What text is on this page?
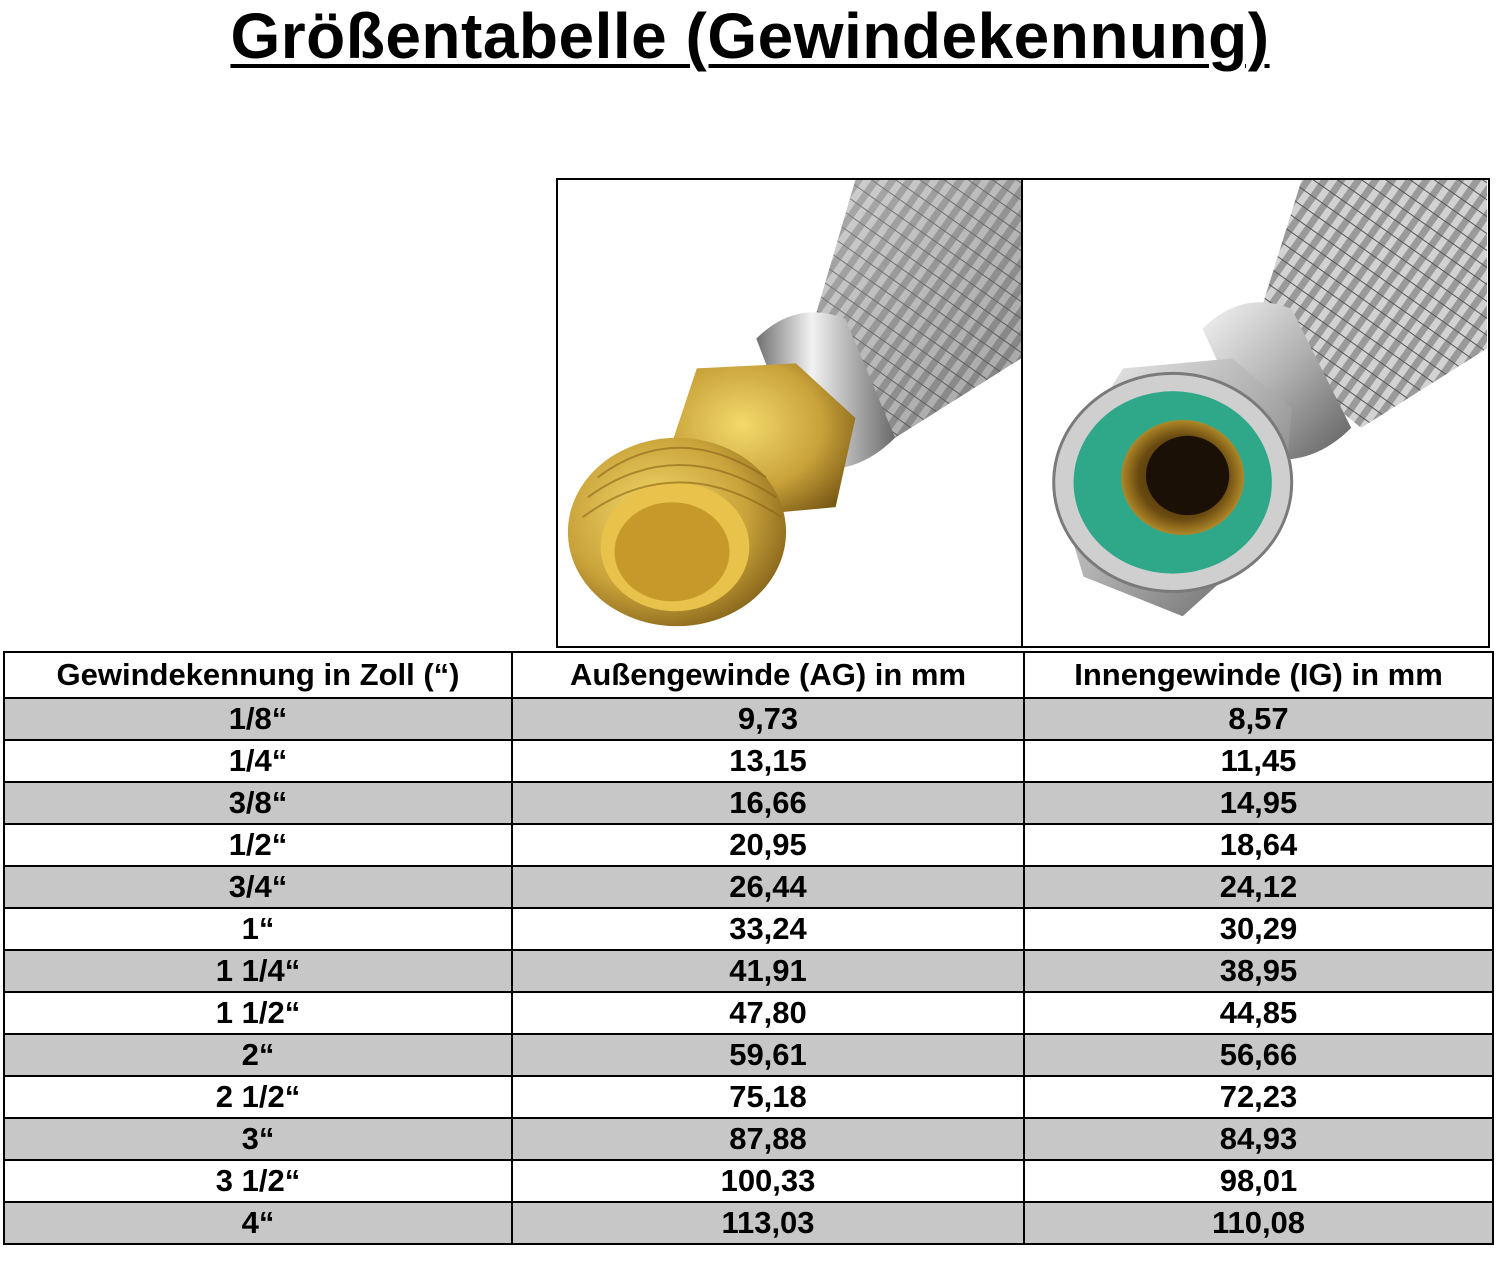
Größentabelle (Gewindekennung)
Gewindekennung in Zoll (“)	Außengewinde (AG) in mm	Innengewinde (IG) in mm
1/8“	9,73	8,57
1/4“	13,15	11,45
3/8“	16,66	14,95
1/2“	20,95	18,64
3/4“	26,44	24,12
1“	33,24	30,29
1 1/4“	41,91	38,95
1 1/2“	47,80	44,85
2“	59,61	56,66
2 1/2“	75,18	72,23
3“	87,88	84,93
3 1/2“	100,33	98,01
4“	113,03	110,08
